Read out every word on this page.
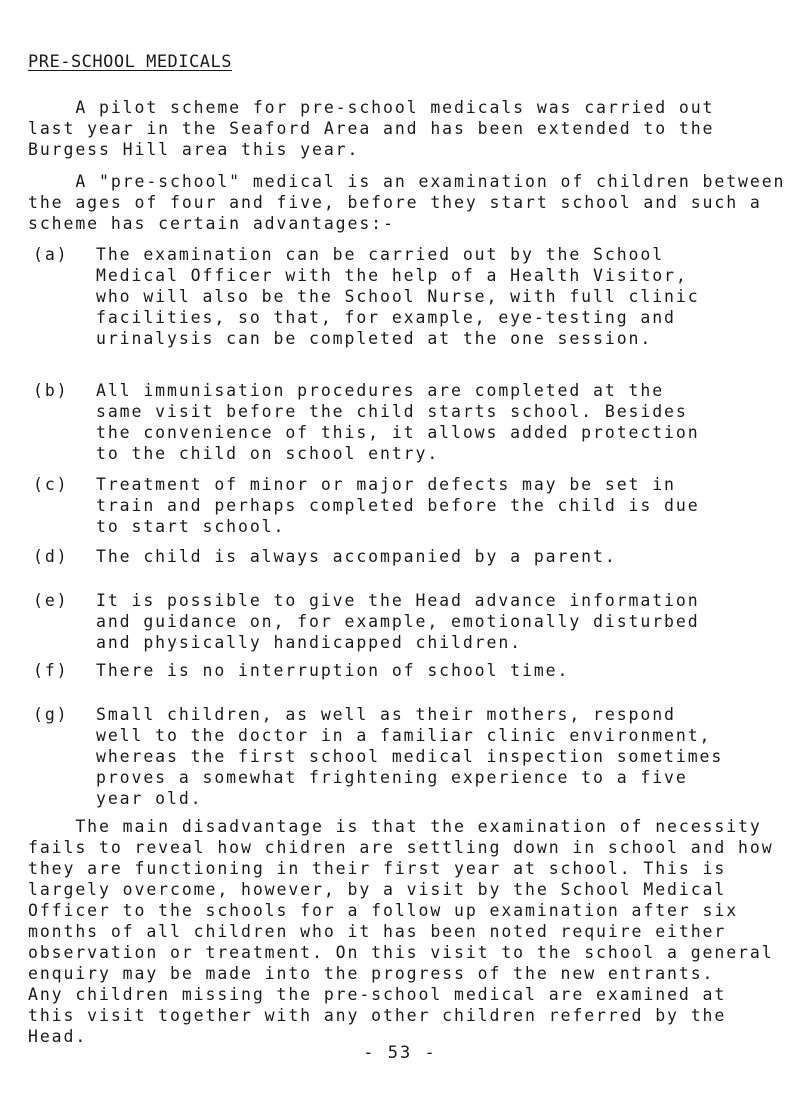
PRE-SCHOOL MEDICALS

A pilot scheme for pre-school medicals was carried out
last year in the Seaford Area and has been extended to the
Burgess Hill area this year.

A "pre-school" medical is an examination of children between
the ages of four and five, before they start school and such a
scheme has certain advantages:-

(a) The examination can be carried out by the School
Medical Officer with the help of a Health Visitor,
who will also be the School Nurse, with full clinic
facilities, so that, for example, eye-testing and
urinalysis can be completed at the one session.
(b) All immunisation procedures are completed at the
same visit before the child starts school. Besides
the convenience of this, it allows added protection
to the child on school entry.
(c) Treatment of minor or major defects may be set in
train and perhaps completed before the child is due
to start school.
(d) The child is always accompanied by a parent.
(e) It is possible to give the Head advance information
and guidance on, for example, emotionally disturbed
and physically handicapped children.
(f) There is no interruption of school time.
(g) Small children, as well as their mothers, respond
well to the doctor in a familiar clinic environment,
whereas the first school medical inspection sometimes
proves a somewhat frightening experience to a five
year old.

The main disadvantage is that the examination of necessity
fails to reveal how chidren are settling down in school and how
they are functioning in their first year at school. This is
largely overcome, however, by a visit by the School Medical
Officer to the schools for a follow up examination after six
months of all children who it has been noted require either
observation or treatment. On this visit to the school a general
enquiry may be made into the progress of the new entrants.
Any children missing the pre-school medical are examined at
this visit together with any other children referred by the
Head.

- 53 -
